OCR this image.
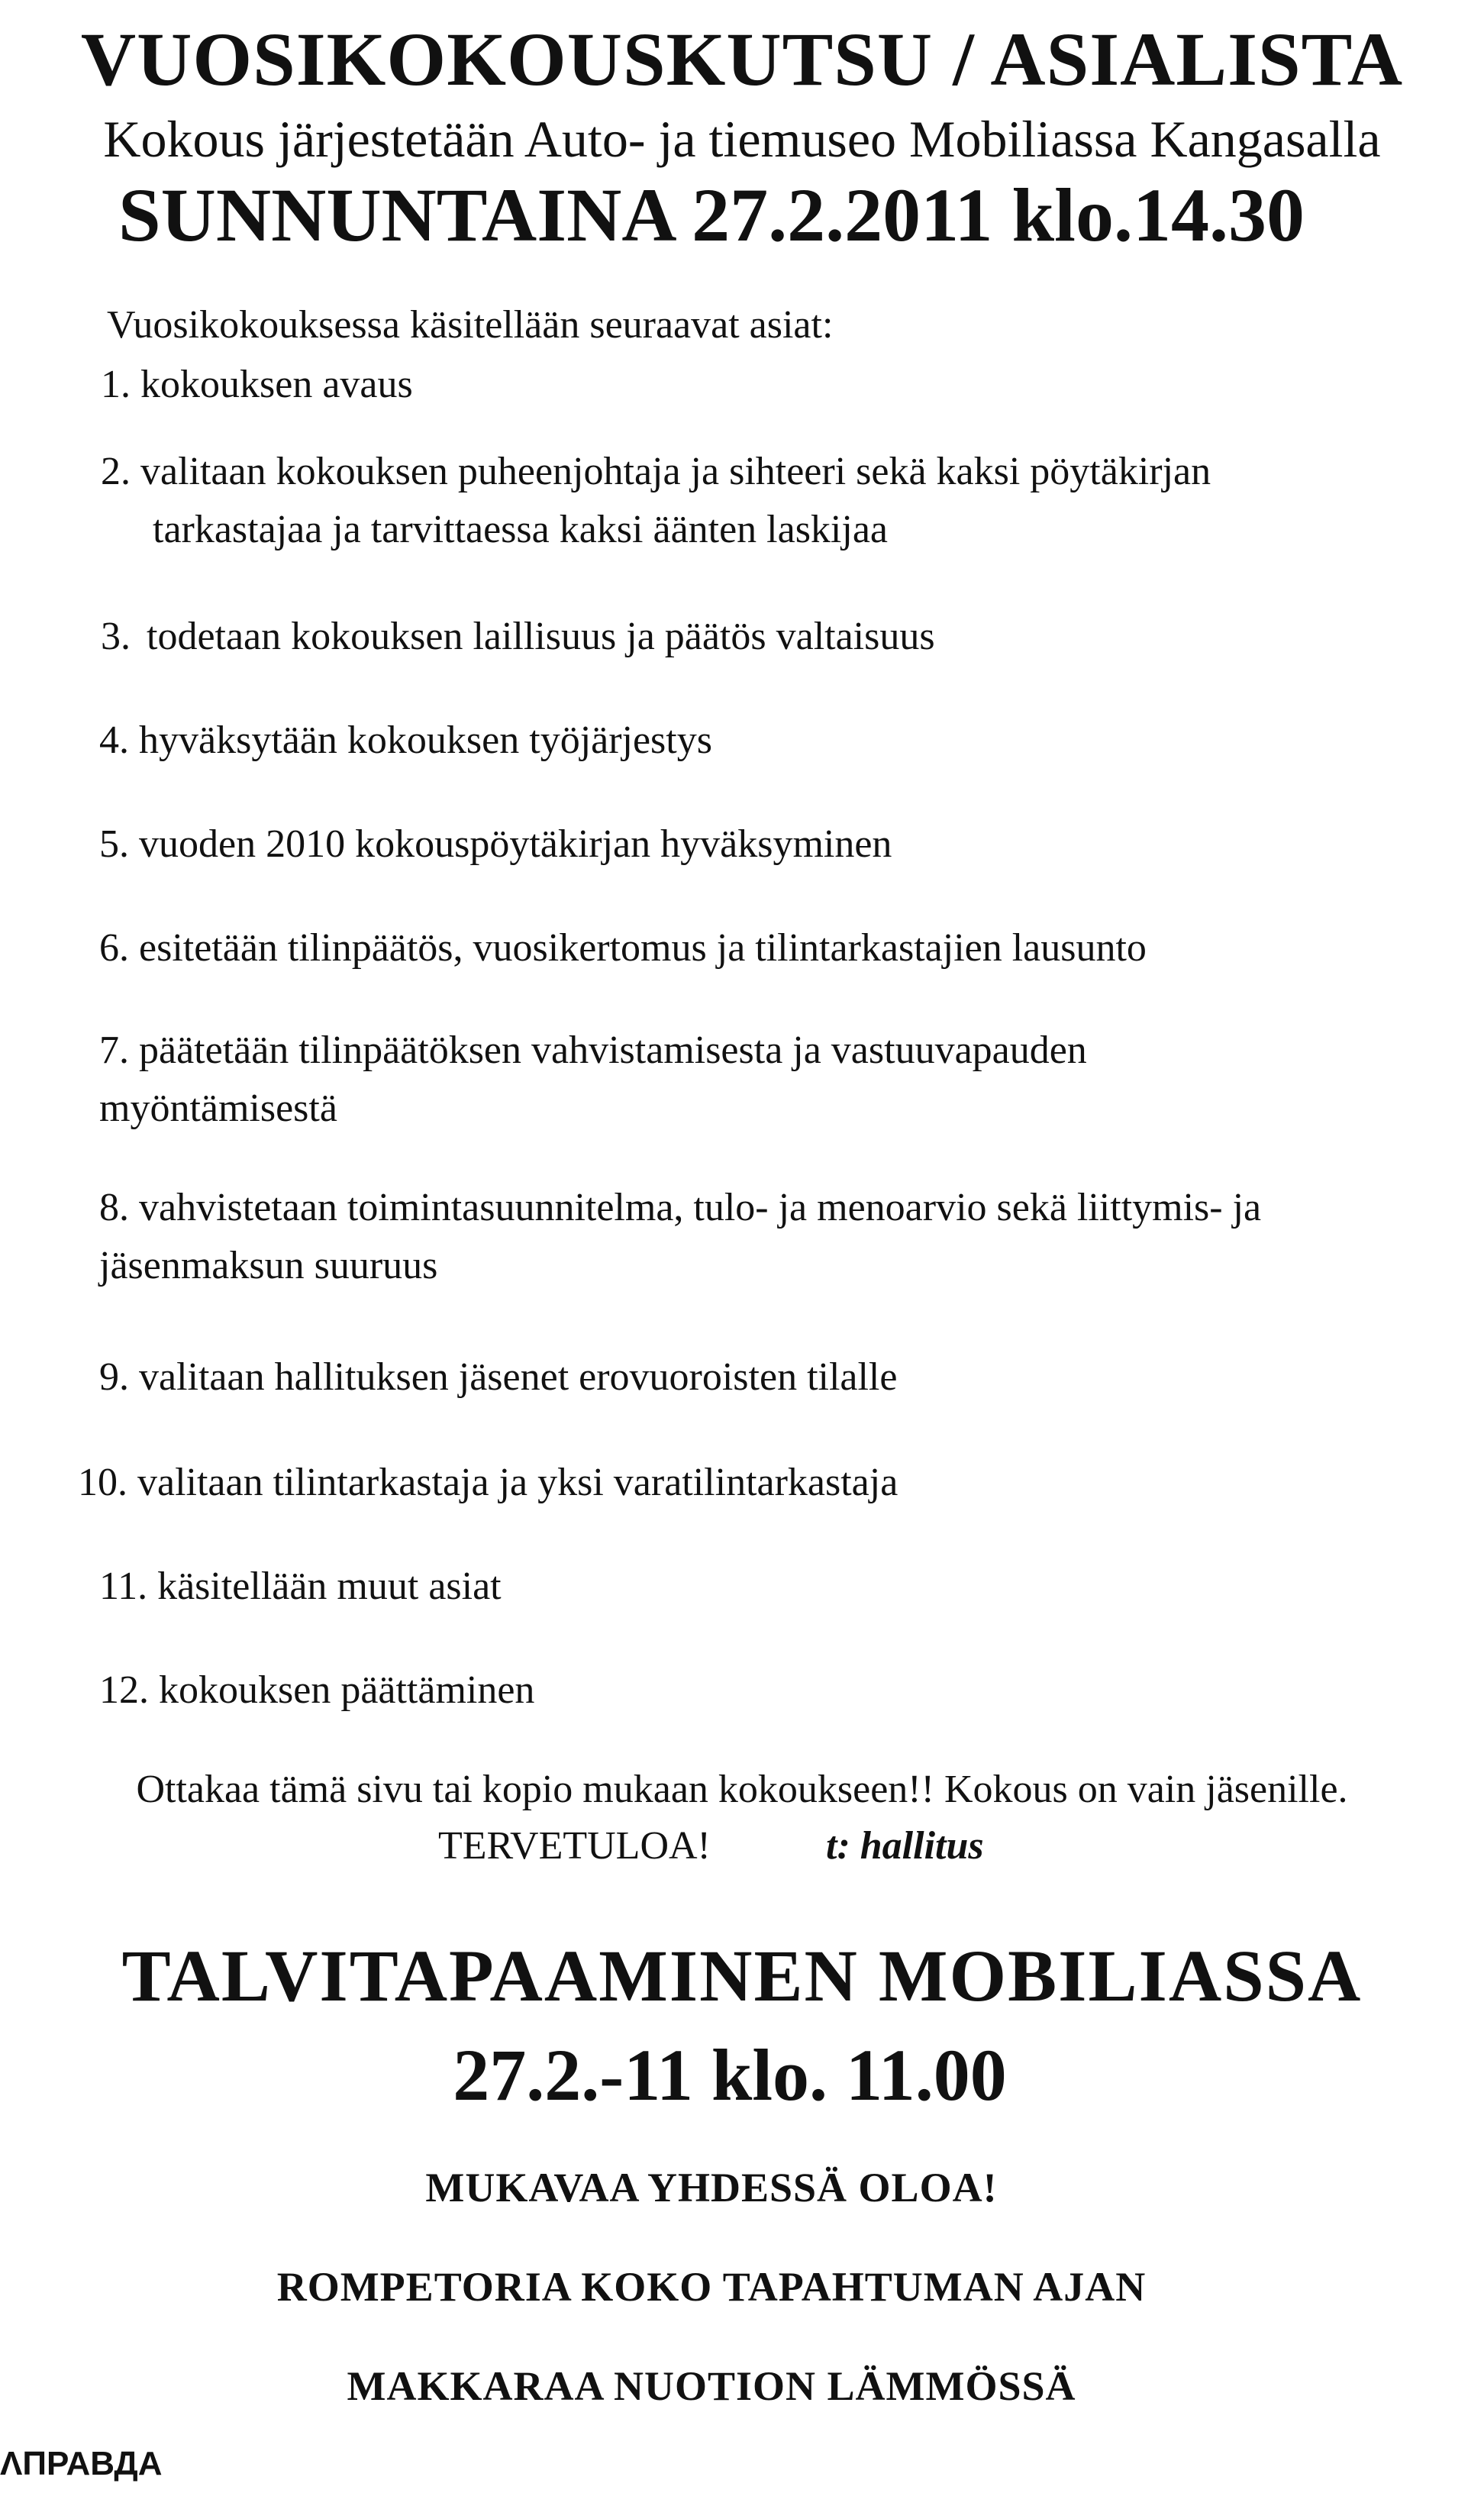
VUOSIKOKOUSKUTSU / ASIALISTA
Kokous järjestetään Auto- ja tiemuseo Mobiliassa Kangasalla
SUNNUNTAINA 27.2.2011 klo.14.30
Vuosikokouksessa käsitellään seuraavat asiat:
1. kokouksen avaus
2. valitaan kokouksen puheenjohtaja ja sihteeri sekä kaksi pöytäkirjan
tarkastajaa ja tarvittaessa kaksi äänten laskijaa
3. todetaan kokouksen laillisuus ja päätös valtaisuus
4. hyväksytään kokouksen työjärjestys
5. vuoden 2010 kokouspöytäkirjan hyväksyminen
6. esitetään tilinpäätös, vuosikertomus ja tilintarkastajien lausunto
7. päätetään tilinpäätöksen vahvistamisesta ja vastuuvapauden
myöntämisestä
8. vahvistetaan toimintasuunnitelma, tulo- ja menoarvio sekä liittymis- ja
jäsenmaksun suuruus
9. valitaan hallituksen jäsenet erovuoroisten tilalle
10. valitaan tilintarkastaja ja yksi varatilintarkastaja
11. käsitellään muut asiat
12. kokouksen päättäminen
Ottakaa tämä sivu tai kopio mukaan kokoukseen!! Kokous on vain jäsenille.
TERVETULOA!	t: hallitus
TALVITAPAAMINEN MOBILIASSA
27.2.-11 klo. 11.00
MUKAVAA YHDESSÄ OLOA!
ROMPETORIA KOKO TAPAHTUMAN AJAN
MAKKARAA NUOTION LÄMMÖSSÄ
ΛПРАВДА
